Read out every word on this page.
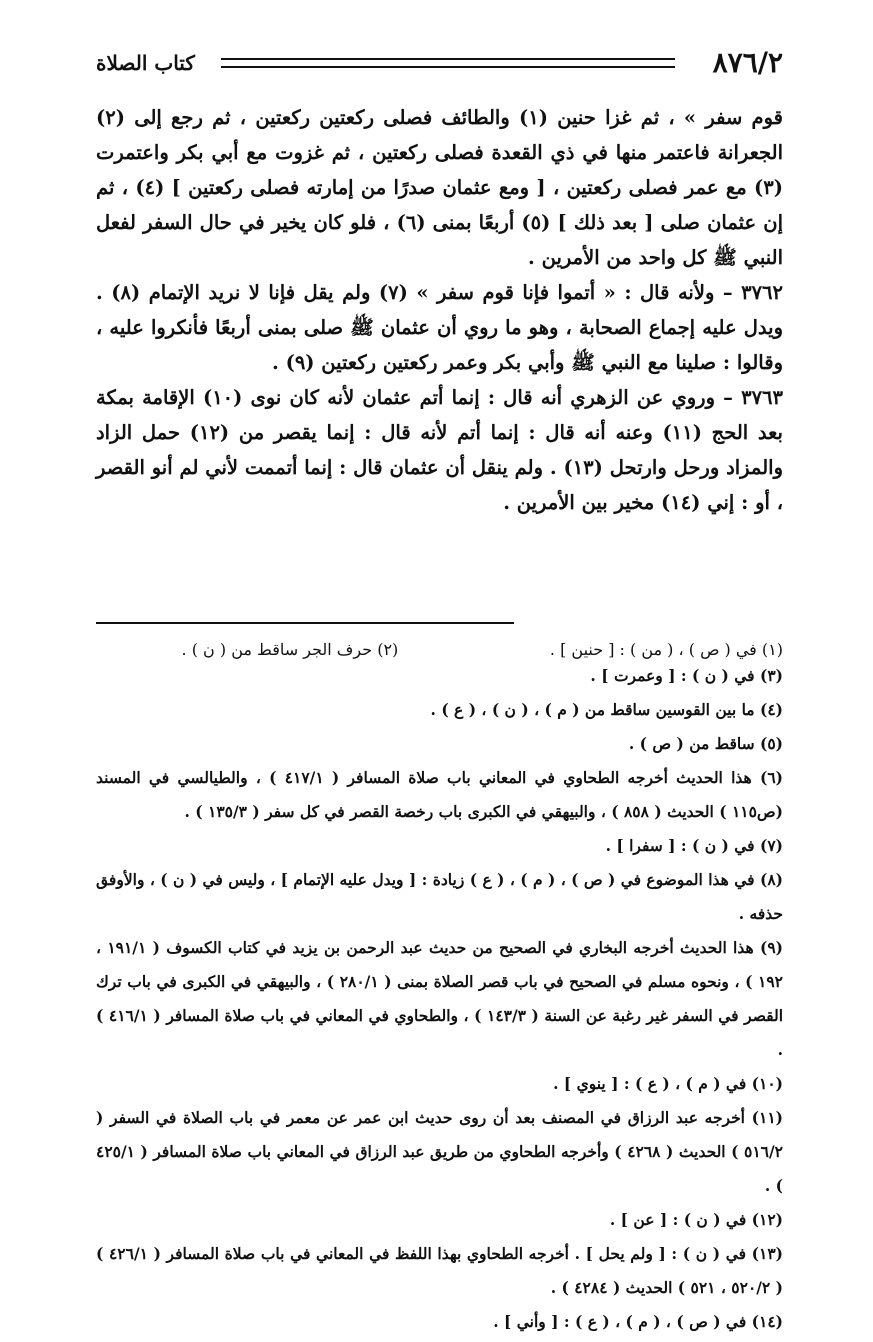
٨٧٦/٢
كتاب الصلاة

قوم سفر » ، ثم غزا حنين (١) والطائف فصلى ركعتين ركعتين ، ثم رجع إلى (٢) الجعرانة فاعتمر منها في ذي القعدة فصلى ركعتين ، ثم غزوت مع أبي بكر واعتمرت (٣) مع عمر فصلى ركعتين ، [ ومع عثمان صدرًا من إمارته فصلى ركعتين ] (٤) ، ثم إن عثمان صلى [ بعد ذلك ] (٥) أربعًا بمنى (٦) ، فلو كان يخير في حال السفر لفعل النبي ﷺ كل واحد من الأمرين .

٣٧٦٢ – ولأنه قال : « أتموا فإنا قوم سفر » (٧) ولم يقل فإنا لا نريد الإتمام (٨) . ويدل عليه إجماع الصحابة ، وهو ما روي أن عثمان ﷺ صلى بمنى أربعًا فأنكروا عليه ، وقالوا : صلينا مع النبي ﷺ وأبي بكر وعمر ركعتين ركعتين (٩) .

٣٧٦٣ – وروي عن الزهري أنه قال : إنما أتم عثمان لأنه كان نوى (١٠) الإقامة بمكة بعد الحج (١١) وعنه أنه قال : إنما أتم لأنه قال : إنما يقصر من (١٢) حمل الزاد والمزاد ورحل وارتحل (١٣) . ولم ينقل أن عثمان قال : إنما أتممت لأني لم أنو القصر ، أو : إني (١٤) مخير بين الأمرين .

(١) في ( ص ) ، ( من ) : [ حنين ] .
(٢) حرف الجر ساقط من ( ن ) .

(٣) في ( ن ) : [ وعمرت ] .

(٤) ما بين القوسين ساقط من ( م ) ، ( ن ) ، ( ع ) .

(٥) ساقط من ( ص ) .

(٦) هذا الحديث أخرجه الطحاوي في المعاني باب صلاة المسافر ( ٤١٧/١ ) ، والطيالسي في المسند (ص١١٥ ) الحديث ( ٨٥٨ ) ، والبيهقي في الكبرى باب رخصة القصر في كل سفر ( ١٣٥/٣ ) .

(٧) في ( ن ) : [ سفرا ] .

(٨) في هذا الموضوع في ( ص ) ، ( م ) ، ( ع ) زيادة : [ ويدل عليه الإتمام ] ، وليس في ( ن ) ، والأوفق حذفه .

(٩) هذا الحديث أخرجه البخاري في الصحيح من حديث عبد الرحمن بن يزيد في كتاب الكسوف ( ١٩١/١ ، ١٩٢ ) ، ونحوه مسلم في الصحيح في باب قصر الصلاة بمنى ( ٢٨٠/١ ) ، والبيهقي في الكبرى في باب ترك القصر في السفر غير رغبة عن السنة ( ١٤٣/٣ ) ، والطحاوي في المعاني في باب صلاة المسافر ( ٤١٦/١ ) .

(١٠) في ( م ) ، ( ع ) : [ ينوي ] .

(١١) أخرجه عبد الرزاق في المصنف بعد أن روى حديث ابن عمر عن معمر في باب الصلاة في السفر ( ٥١٦/٢ ) الحديث ( ٤٢٦٨ ) وأخرجه الطحاوي من طريق عبد الرزاق في المعاني باب صلاة المسافر ( ٤٢٥/١ ) .

(١٢) في ( ن ) : [ عن ] .

(١٣) في ( ن ) : [ ولم يحل ] . أخرجه الطحاوي بهذا اللفظ في المعاني في باب صلاة المسافر ( ٤٢٦/١ ) ( ٥٢٠/٢ ، ٥٢١ ) الحديث ( ٤٢٨٤ ) .

(١٤) في ( ص ) ، ( م ) ، ( ع ) : [ وأني ] .
